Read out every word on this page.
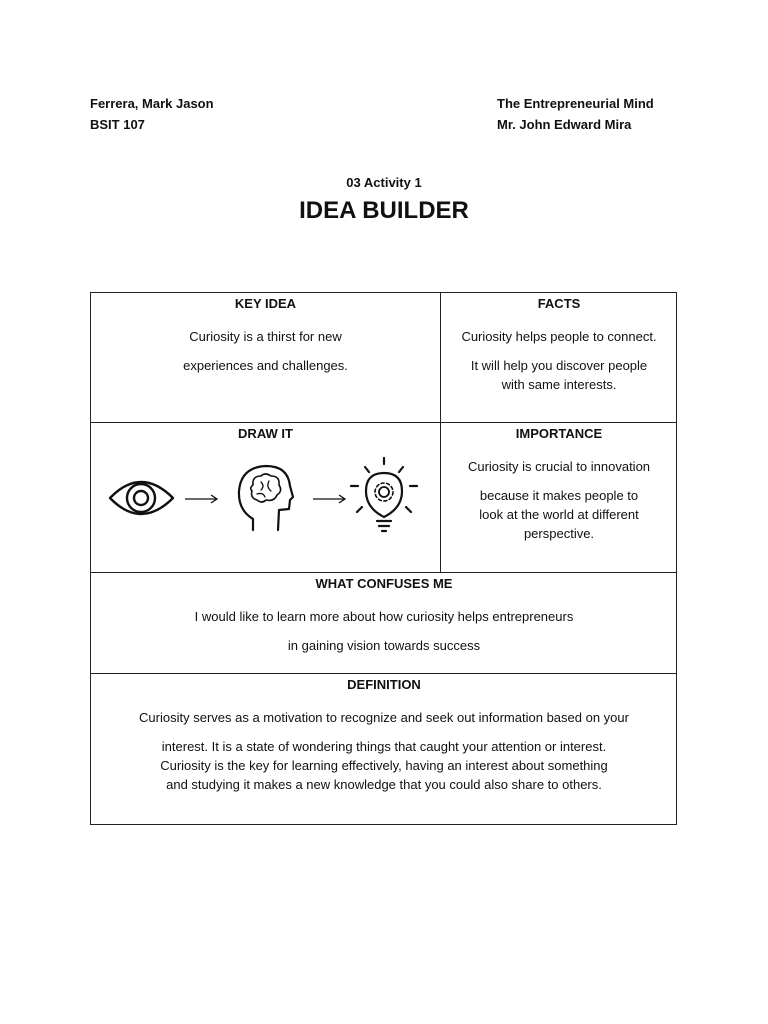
Ferrera, Mark Jason
BSIT 107
The Entrepreneurial Mind
Mr. John Edward Mira
03 Activity 1
IDEA BUILDER
KEY IDEA

Curiosity is a thirst for new

experiences and challenges.

FACTS

Curiosity helps people to connect.

It will help you discover people

with same interests.

DRAW IT	IMPORTANCE

Curiosity is crucial to innovation

because it makes people to

look at the world at different

perspective.

WHAT CONFUSES ME

I would like to learn more about how curiosity helps entrepreneurs

in gaining vision towards success

DEFINITION

Curiosity serves as a motivation to recognize and seek out information based on your

interest. It is a state of wondering things that caught your attention or interest.

Curiosity is the key for learning effectively, having an interest about something

and studying it makes a new knowledge that you could also share to others.
